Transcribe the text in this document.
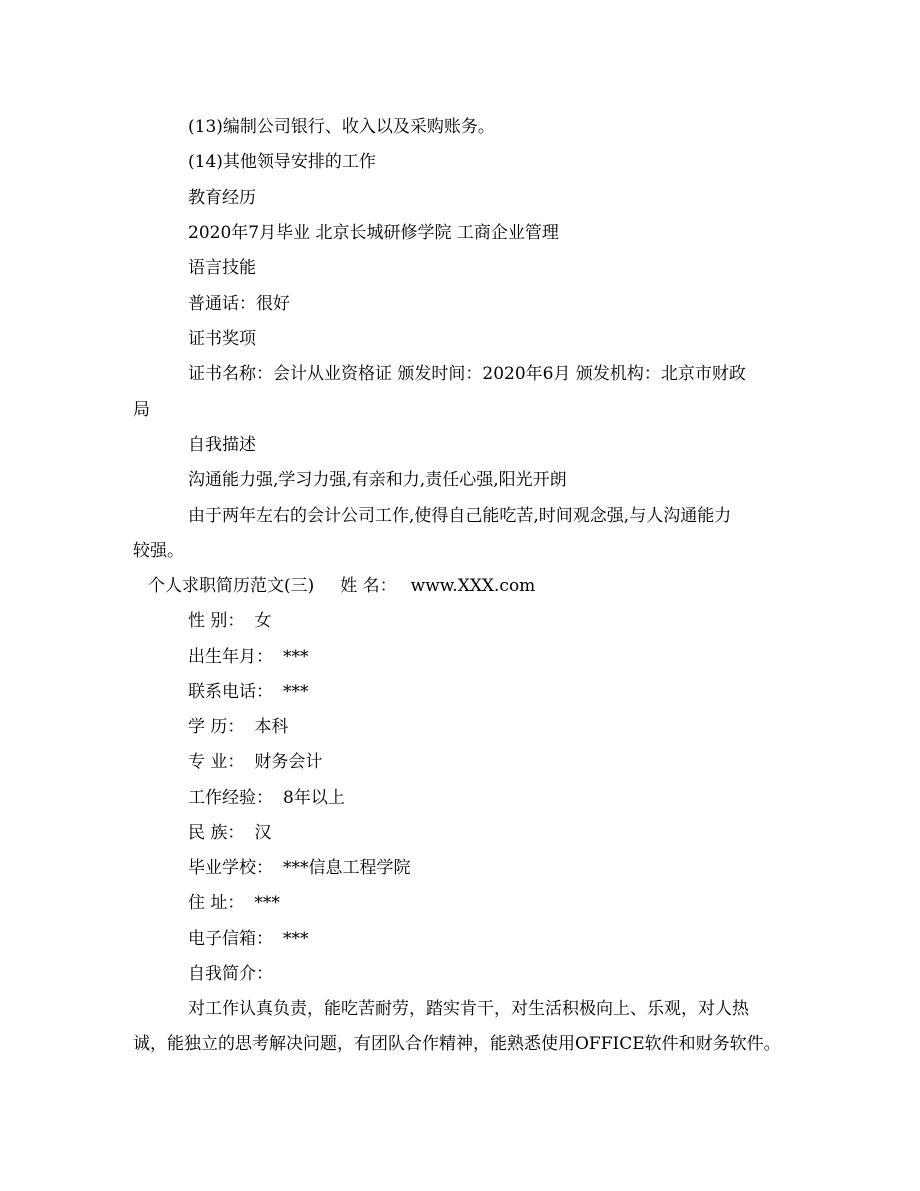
(13)编制公司银行、收入以及采购账务。
(14)其他领导安排的工作
教育经历
2020年7月毕业 北京长城研修学院 工商企业管理
语言技能
普通话：很好
证书奖项
证书名称：会计从业资格证 颁发时间：2020年6月 颁发机构：北京市财政
局
自我描述
沟通能力强,学习力强,有亲和力,责任心强,阳光开朗
由于两年左右的会计公司工作,使得自己能吃苦,时间观念强,与人沟通能力
较强。
个人求职简历范文(三) 姓 名： www.XXX.com
性 别： 女
出生年月： ***
联系电话： ***
学 历： 本科
专 业： 财务会计
工作经验： 8年以上
民 族： 汉
毕业学校： ***信息工程学院
住 址： ***
电子信箱： ***
自我简介：
对工作认真负责，能吃苦耐劳，踏实肯干，对生活积极向上、乐观，对人热
诚，能独立的思考解决问题，有团队合作精神，能熟悉使用OFFICE软件和财务软件。
